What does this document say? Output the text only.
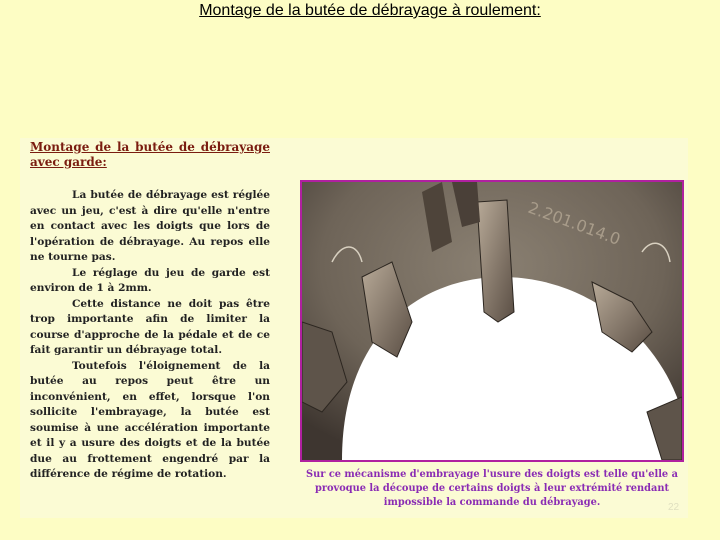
Montage de la butée de débrayage à roulement:
Montage de la butée de débrayage
avec garde:

La butée de débrayage est réglée avec un jeu, c'est à dire qu'elle n'entre en contact avec les doigts que lors de l'opération de débrayage. Au repos elle ne tourne pas.

Le réglage du jeu de garde est environ de 1 à 2mm.

Cette distance ne doit pas être trop importante afin de limiter la course d'approche de la pédale et de ce fait garantir un débrayage total.

Toutefois l'éloignement de la butée au repos peut être un inconvénient, en effet, lorsque l'on sollicite l'embrayage, la butée est soumise à une accélération importante et il y a usure des doigts et de la butée due au frottement engendré par la différence de régime de rotation.

2.201.014.0
Sur ce mécanisme d'embrayage l'usure des doigts est telle qu'elle a provoque la découpe de certains doigts à leur extrémité rendant impossible la commande du débrayage.	22
